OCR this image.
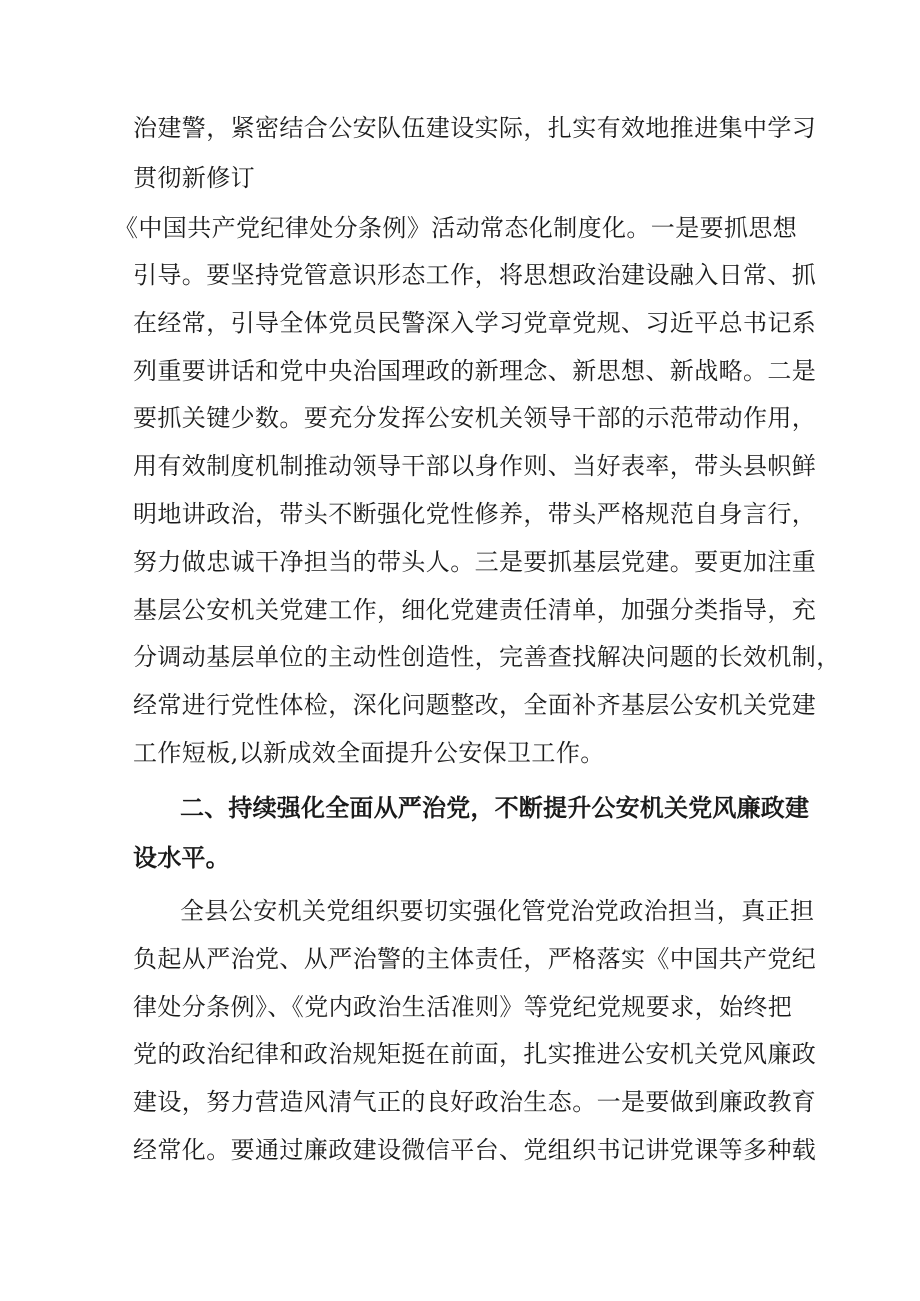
治建警，紧密结合公安队伍建设实际，扎实有效地推进集中学习
贯彻新修订
《中国共产党纪律处分条例》活动常态化制度化。一是要抓思想
引导。要坚持党管意识形态工作，将思想政治建设融入日常、抓
在经常，引导全体党员民警深入学习党章党规、习近平总书记系
列重要讲话和党中央治国理政的新理念、新思想、新战略。二是
要抓关键少数。要充分发挥公安机关领导干部的示范带动作用，
用有效制度机制推动领导干部以身作则、当好表率，带头县帜鲜
明地讲政治，带头不断强化党性修养，带头严格规范自身言行，
努力做忠诚干净担当的带头人。三是要抓基层党建。要更加注重
基层公安机关党建工作，细化党建责任清单，加强分类指导，充
分调动基层单位的主动性创造性，完善查找解决问题的长效机制，
经常进行党性体检，深化问题整改，全面补齐基层公安机关党建
工作短板,以新成效全面提升公安保卫工作。
二、持续强化全面从严治党，不断提升公安机关党风廉政建
设水平。
全县公安机关党组织要切实强化管党治党政治担当，真正担
负起从严治党、从严治警的主体责任，严格落实《中国共产党纪
律处分条例》、《党内政治生活准则》等党纪党规要求，始终把
党的政治纪律和政治规矩挺在前面，扎实推进公安机关党风廉政
建设，努力营造风清气正的良好政治生态。一是要做到廉政教育
经常化。要通过廉政建设微信平台、党组织书记讲党课等多种载
